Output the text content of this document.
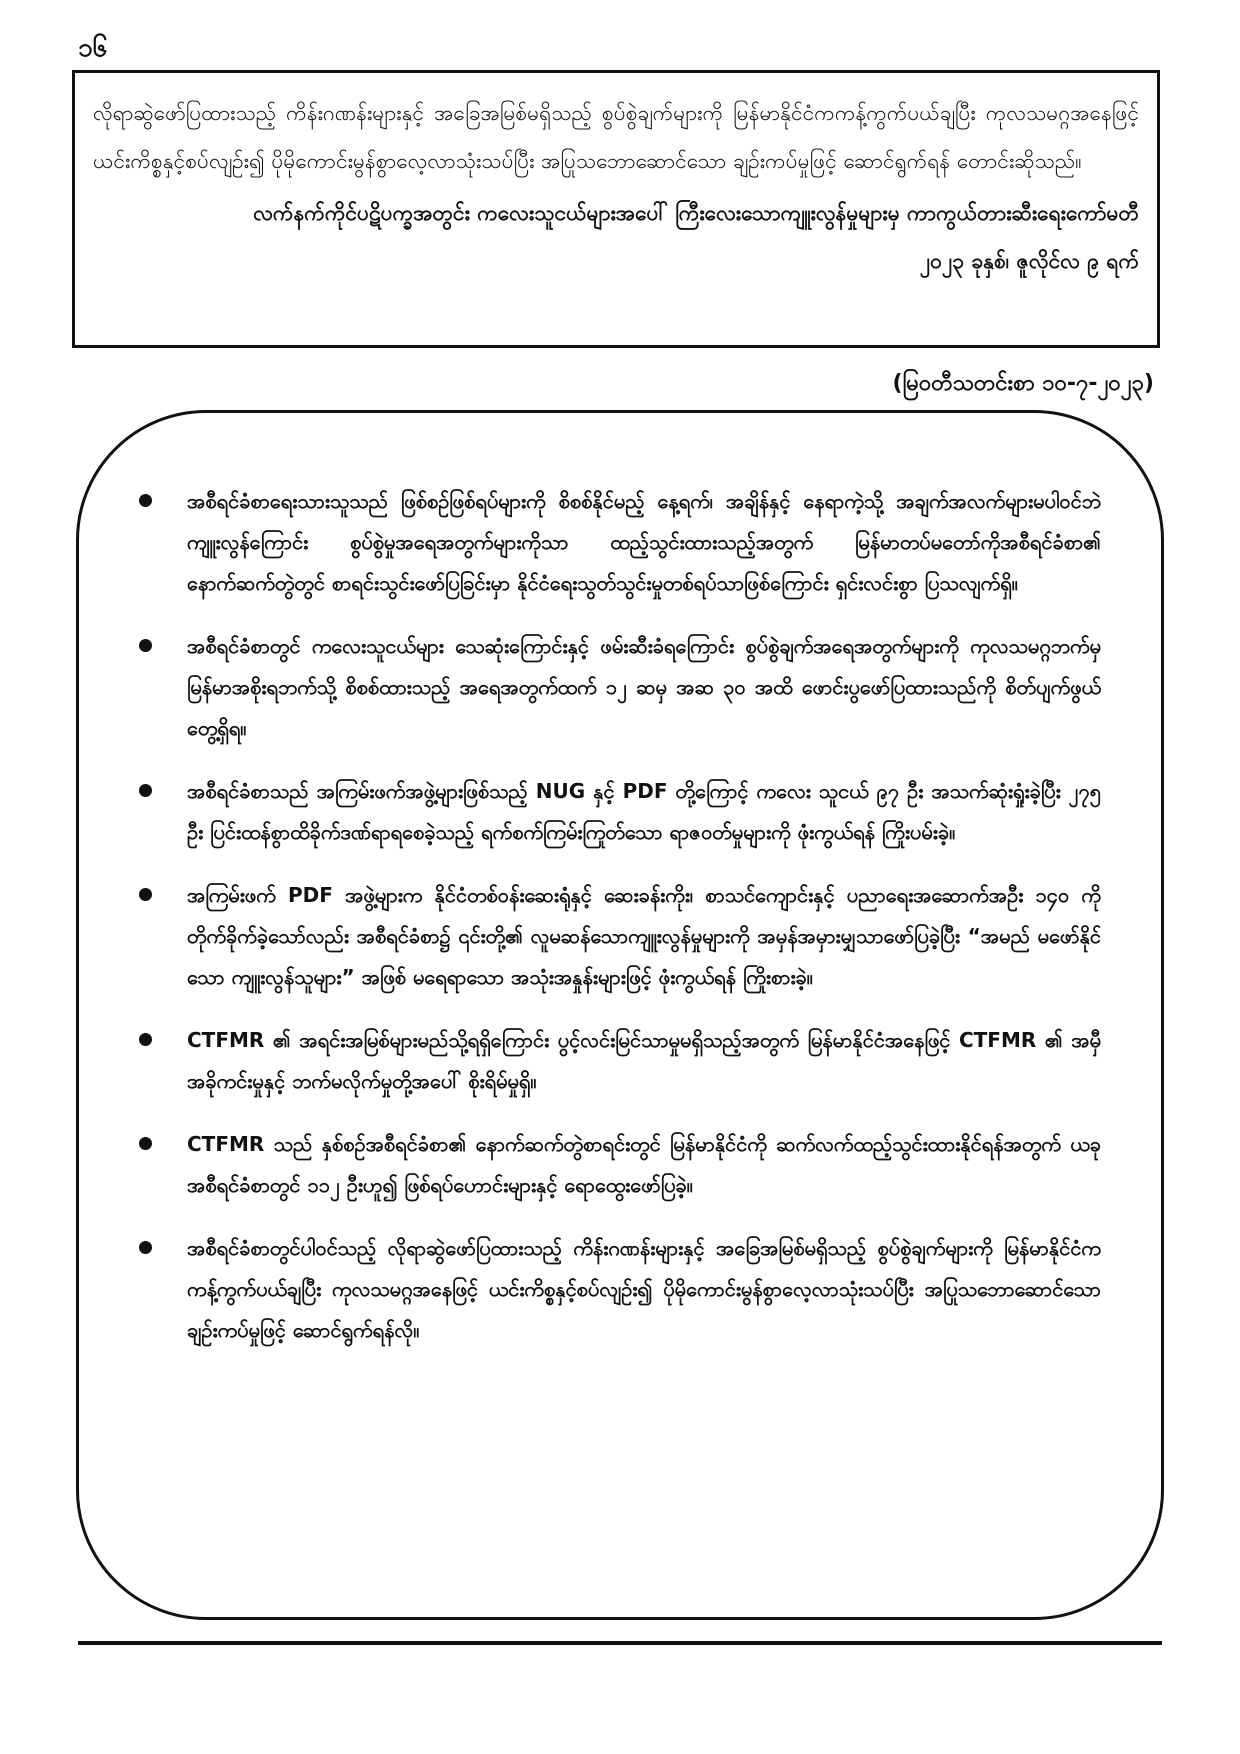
၁၆

လိုရာဆွဲဖော်ပြထားသည့် ကိန်းဂဏန်းများနှင့် အခြေအမြစ်မရှိသည့် စွပ်စွဲချက်များကို မြန်မာနိုင်ငံကကန့်ကွက်ပယ်ချပြီး ကုလသမဂ္ဂအနေဖြင့် ယင်းကိစ္စနှင့်စပ်လျဉ်း၍ ပိုမိုကောင်းမွန်စွာလေ့လာသုံးသပ်ပြီး အပြုသဘောဆောင်သော ချဉ်းကပ်မှုဖြင့် ဆောင်ရွက်ရန် တောင်းဆိုသည်။

လက်နက်ကိုင်ပဋိပက္ခအတွင်း ကလေးသူငယ်များအပေါ် ကြီးလေးသောကျူးလွန်မှုများမှ ကာကွယ်တားဆီးရေးကော်မတီ

၂၀၂၃ ခုနှစ်၊ ဇူလိုင်လ ၉ ရက်

(မြဝတီသတင်းစာ ၁၀-၇-၂၀၂၃)
အစီရင်ခံစာရေးသားသူသည် ဖြစ်စဉ်ဖြစ်ရပ်များကို စိစစ်နိုင်မည့် နေ့ရက်၊ အချိန်နှင့် နေရာကဲ့သို့ အချက်အလက်များမပါဝင်ဘဲ ကျူးလွန်ကြောင်း စွပ်စွဲမှုအရေအတွက်များကိုသာ ထည့်သွင်းထားသည့်အတွက် မြန်မာတပ်မတော်ကိုအစီရင်ခံစာ၏ နောက်ဆက်တွဲတွင် စာရင်းသွင်းဖော်ပြခြင်းမှာ နိုင်ငံရေးသွတ်သွင်းမှုတစ်ရပ်သာဖြစ်ကြောင်း ရှင်းလင်းစွာ ပြသလျက်ရှိ။
အစီရင်ခံစာတွင် ကလေးသူငယ်များ သေဆုံးကြောင်းနှင့် ဖမ်းဆီးခံရကြောင်း စွပ်စွဲချက်အရေအတွက်များကို ကုလသမဂ္ဂဘက်မှ မြန်မာအစိုးရဘက်သို့ စိစစ်ထားသည့် အရေအတွက်ထက် ၁၂ ဆမှ အဆ ၃၀ အထိ ဖောင်းပွဖော်ပြထားသည်ကို စိတ်ပျက်ဖွယ်တွေ့ရှိရ။
အစီရင်ခံစာသည် အကြမ်းဖက်အဖွဲ့များဖြစ်သည့် NUG နှင့် PDF တို့ကြောင့် ကလေး သူငယ် ၉၇ ဦး အသက်ဆုံးရှုံးခဲ့ပြီး ၂၇၅ ဦး ပြင်းထန်စွာထိခိုက်ဒဏ်ရာရစေခဲ့သည့် ရက်စက်ကြမ်းကြုတ်သော ရာဇဝတ်မှုများကို ဖုံးကွယ်ရန် ကြိုးပမ်းခဲ့။
အကြမ်းဖက် PDF အဖွဲ့များက နိုင်ငံတစ်ဝန်းဆေးရုံနှင့် ဆေးခန်းကိုး၊ စာသင်ကျောင်းနှင့် ပညာရေးအဆောက်အဦး ၁၄၀ ကို တိုက်ခိုက်ခဲ့သော်လည်း အစီရင်ခံစာ၌ ၎င်းတို့၏ လူမဆန်သောကျူးလွန်မှုများကို အမှန်အမှားမျှသာဖော်ပြခဲ့ပြီး “အမည် မဖော်နိုင်သော ကျူးလွန်သူများ” အဖြစ် မရေရာသော အသုံးအနှုန်းများဖြင့် ဖုံးကွယ်ရန် ကြိုးစားခဲ့။
CTFMR ၏ အရင်းအမြစ်များမည်သို့ရရှိကြောင်း ပွင့်လင်းမြင်သာမှုမရှိသည့်အတွက် မြန်မာနိုင်ငံအနေဖြင့် CTFMR ၏ အမှီအခိုကင်းမှုနှင့် ဘက်မလိုက်မှုတို့အပေါ် စိုးရိမ်မှုရှိ။
CTFMR သည် နှစ်စဉ်အစီရင်ခံစာ၏ နောက်ဆက်တွဲစာရင်းတွင် မြန်မာနိုင်ငံကို ဆက်လက်ထည့်သွင်းထားနိုင်ရန်အတွက် ယခုအစီရင်ခံစာတွင် ၁၁၂ ဦးဟူ၍ ဖြစ်ရပ်ဟောင်းများနှင့် ရောထွေးဖော်ပြခဲ့။
အစီရင်ခံစာတွင်ပါဝင်သည့် လိုရာဆွဲဖော်ပြထားသည့် ကိန်းဂဏန်းများနှင့် အခြေအမြစ်မရှိသည့် စွပ်စွဲချက်များကို မြန်မာနိုင်ငံက ကန့်ကွက်ပယ်ချပြီး ကုလသမဂ္ဂအနေဖြင့် ယင်းကိစ္စနှင့်စပ်လျဉ်း၍ ပိုမိုကောင်းမွန်စွာလေ့လာသုံးသပ်ပြီး အပြုသဘောဆောင်သော ချဉ်းကပ်မှုဖြင့် ဆောင်ရွက်ရန်လို။
